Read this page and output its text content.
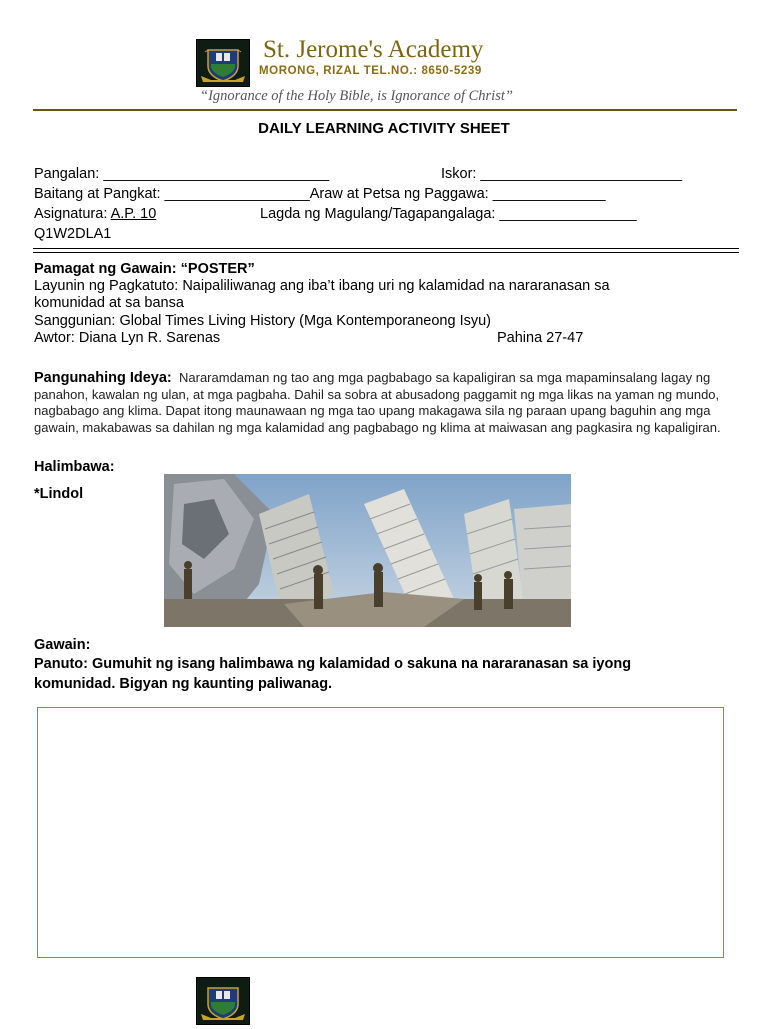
St. Jerome's Academy
MORONG, RIZAL TEL.NO.: 8650-5239
“Ignorance of the Holy Bible, is Ignorance of Christ”
DAILY LEARNING ACTIVITY SHEET
Pangalan: ____________________________	Iskor: _________________________
Baitang at Pangkat: __________________Araw at Petsa ng Paggawa: ______________
Asignatura: A.P. 10	Lagda ng Magulang/Tagapangalaga: _________________
Q1W2DLA1
Pamagat ng Gawain: “POSTER”
Layunin ng Pagkatuto: Naipaliliwanag ang iba’t ibang uri ng kalamidad na nararanasan sa
komunidad at sa bansa
Sanggunian: Global Times Living History (Mga Kontemporaneong Isyu)
Awtor: Diana Lyn R. Sarenas	Pahina 27-47
Pangunahing Ideya: Nararamdaman ng tao ang mga pagbabago sa kapaligiran sa mga mapaminsalang lagay ng panahon, kawalan ng ulan, at mga pagbaha. Dahil sa sobra at abusadong paggamit ng mga likas na yaman ng mundo, nagbabago ang klima. Dapat itong maunawaan ng mga tao upang makagawa sila ng paraan upang baguhin ang mga gawain, makabawas sa dahilan ng mga kalamidad ang pagbabago ng klima at maiwasan ang pagkasira ng kapaligiran.
Halimbawa:
*Lindol
Gawain:
Panuto: Gumuhit ng isang halimbawa ng kalamidad o sakuna na nararanasan sa iyong
komunidad. Bigyan ng kaunting paliwanag.
